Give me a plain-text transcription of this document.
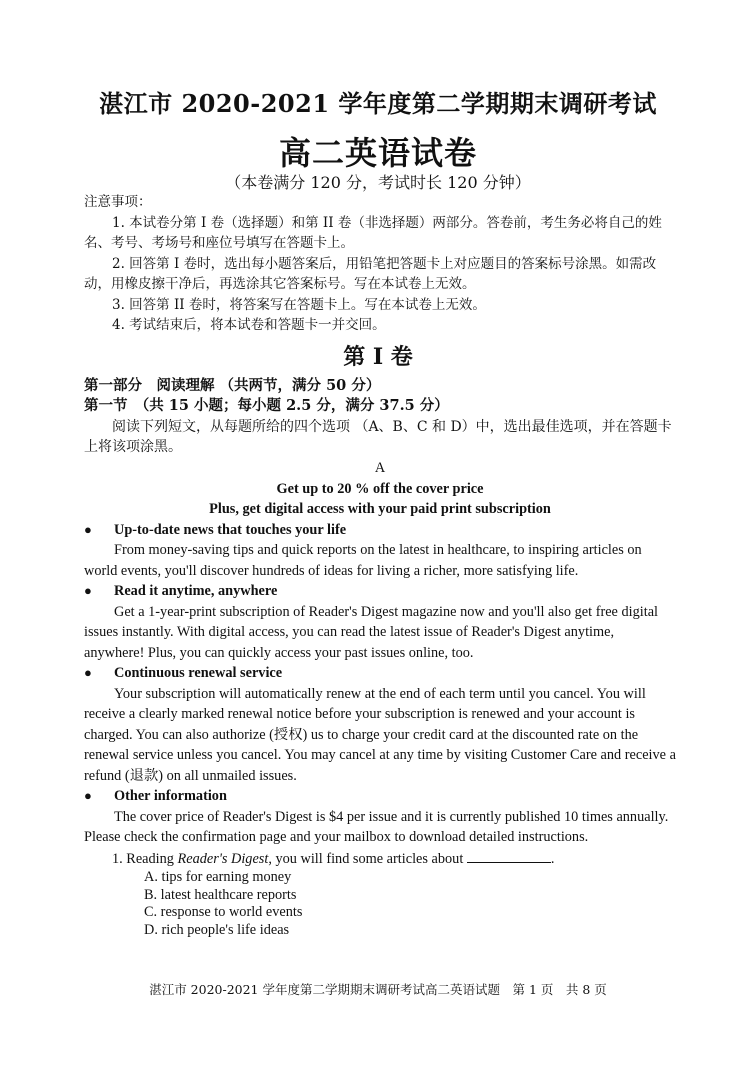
湛江市 2020-2021 学年度第二学期期末调研考试
高二英语试卷
（本卷满分 120 分，考试时长 120 分钟）

注意事项：

1. 本试卷分第 I 卷（选择题）和第 II 卷（非选择题）两部分。答卷前，考生务必将自己的姓名、考号、考场号和座位号填写在答题卡上。

2. 回答第 I 卷时，选出每小题答案后，用铅笔把答题卡上对应题目的答案标号涂黑。如需改动，用橡皮擦干净后，再选涂其它答案标号。写在本试卷上无效。

3. 回答第 II 卷时，将答案写在答题卡上。写在本试卷上无效。

4. 考试结束后，将本试卷和答题卡一并交回。

第 I 卷

第一部分　阅读理解 （共两节，满分 50 分）

第一节　（共 15 小题；每小题 2.5 分，满分 37.5 分）

阅读下列短文，从每题所给的四个选项 （A、B、C 和 D）中，选出最佳选项，并在答题卡上将该项涂黑。

A

Get up to 20 % off the cover price

Plus, get digital access with your paid print subscription

● Up-to-date news that touches your life

From money-saving tips and quick reports on the latest in healthcare, to inspiring articles on world events, you'll discover hundreds of ideas for living a richer, more satisfying life.

● Read it anytime, anywhere

Get a 1-year-print subscription of Reader's Digest magazine now and you'll also get free digital issues instantly. With digital access, you can read the latest issue of Reader's Digest anytime, anywhere! Plus, you can quickly access your past issues online, too.

● Continuous renewal service

Your subscription will automatically renew at the end of each term until you cancel. You will receive a clearly marked renewal notice before your subscription is renewed and your account is charged. You can also authorize (授权) us to charge your credit card at the discounted rate on the renewal service unless you cancel. You may cancel at any time by visiting Customer Care and receive a refund (退款) on all unmailed issues.

● Other information

The cover price of Reader's Digest is $4 per issue and it is currently published 10 times annually. Please check the confirmation page and your mailbox to download detailed instructions.

1. Reading Reader's Digest, you will find some articles about	.

A. tips for earning money

B. latest healthcare reports

C. response to world events

D. rich people's life ideas

湛江市 2020-2021 学年度第二学期期末调研考试高二英语试题　第 1 页　共 8 页
